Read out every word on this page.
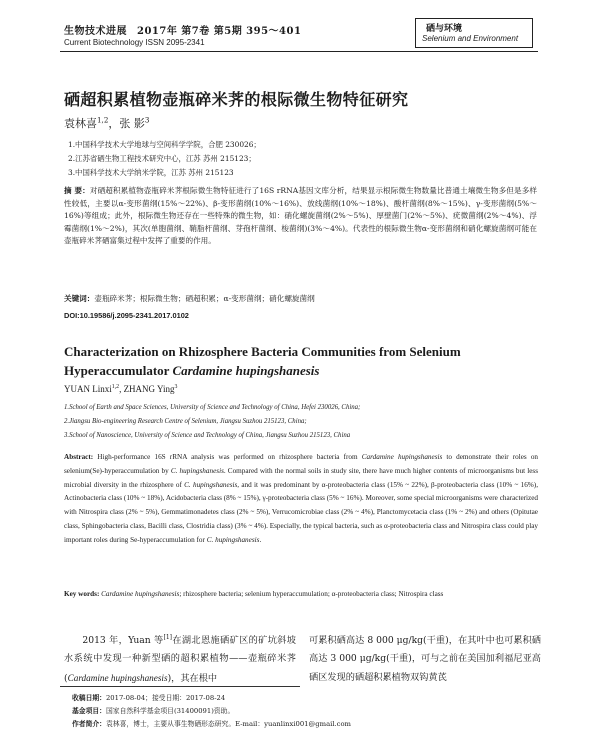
生物技术进展 2017年 第7卷 第5期 395～401
Current Biotechnology ISSN 2095-2341
硒与环境
Selenium and Environment
硒超积累植物壶瓶碎米荠的根际微生物特征研究
袁林喜$^{1,2}$，张 影$^3$
1.中国科学技术大学地球与空间科学学院，合肥 230026；
2.江苏省硒生物工程技术研究中心，江苏 苏州 215123；
3.中国科学技术大学纳米学院，江苏 苏州 215123
摘 要：对硒超积累植物壶瓶碎米荠根际微生物特征进行了16S rRNA基因文库分析，结果显示根际微生物数量比普通土壤微生物多但是多样性较低，主要以α-变形菌纲(15%～22%)、β-变形菌纲(10%～16%)、放线菌纲(10%～18%)、酸杆菌纲(8%～15%)、γ-变形菌纲(5%～16%)等组成；此外，根际微生物还存在一些特殊的微生物，如：硝化螺旋菌纲(2%～5%)、厚壁菌门(2%～5%)、疣微菌纲(2%～4%)、浮霉菌纲(1%～2%)，其次(单胞菌纲、鞘脂杆菌纲、芽孢杆菌纲、梭菌纲)(3%～4%)。代表性的根际微生物α-变形菌纲和硝化螺旋菌纲可能在壶瓶碎米荠硒富集过程中发挥了重要的作用。
关键词：壶瓶碎米荠；根际微生物；硒超积累；α-变形菌纲；硝化螺旋菌纲
DOI:10.19586/j.2095-2341.2017.0102
Characterization on Rhizosphere Bacteria Communities from Selenium
Hyperaccumulator Cardamine hupingshanesis
YUAN Linxi$^{1,2}$, ZHANG Ying$^3$
1.School of Earth and Space Sciences, University of Science and Technology of China, Hefei 230026, China;
2.Jiangsu Bio-engineering Research Centre of Selenium, Jiangsu Suzhou 215123, China;
3.School of Nanoscience, University of Science and Technology of China, Jiangsu Suzhou 215123, China
Abstract: High-performance 16S rRNA analysis was performed on rhizosphere bacteria from Cardamine hupingshanesis to demonstrate their roles on selenium(Se)-hyperaccumulation by C. hupingshanesis. Compared with the normal soils in study site, there have much higher contents of microorganisms but less microbial diversity in the rhizosphere of C. hupingshanesis, and it was predominant by α-proteobacteria class (15% ~ 22%), β-proteobacteria class (10% ~ 16%), Actinobacteria class (10% ~ 18%), Acidobacteria class (8% ~ 15%), γ-proteobacteria class (5% ~ 16%). Moreover, some special microorganisms were characterized with Nitrospira class (2% ~ 5%), Gemmatimonadetes class (2% ~ 5%), Verrucomicrobiae class (2% ~ 4%), Planctomycetacia class (1% ~ 2%) and others (Opitutae class, Sphingobacteria class, Bacilli class, Clostridia class) (3% ~ 4%). Especially, the typical bacteria, such as α-proteobacteria class and Nitrospira class could play important roles during Se-hyperaccumulation for C. hupingshanesis.
Key words: Cardamine hupingshanesis; rhizosphere bacteria; selenium hyperaccumulation; α-proteobacteria class; Nitrospira class
2013 年，Yuan 等[1]在湖北恩施硒矿区的矿坑斜坡水系统中发现一种新型硒的超积累植物——壶瓶碎米荠(Cardamine hupingshanesis)，其在根中
可累积硒高达 8 000 μg/kg(干重)，在其叶中也可累积硒高达 3 000 μg/kg(干重)，可与之前在美国加利福尼亚高硒区发现的硒超积累植物双钩黄芪
收稿日期：2017-08-04；接受日期：2017-08-24
基金项目：国家自然科学基金项目(31400091)资助。
作者简介：袁林喜，博士，主要从事生物硒形态研究。E-mail：yuanlinxi001@gmail.com
